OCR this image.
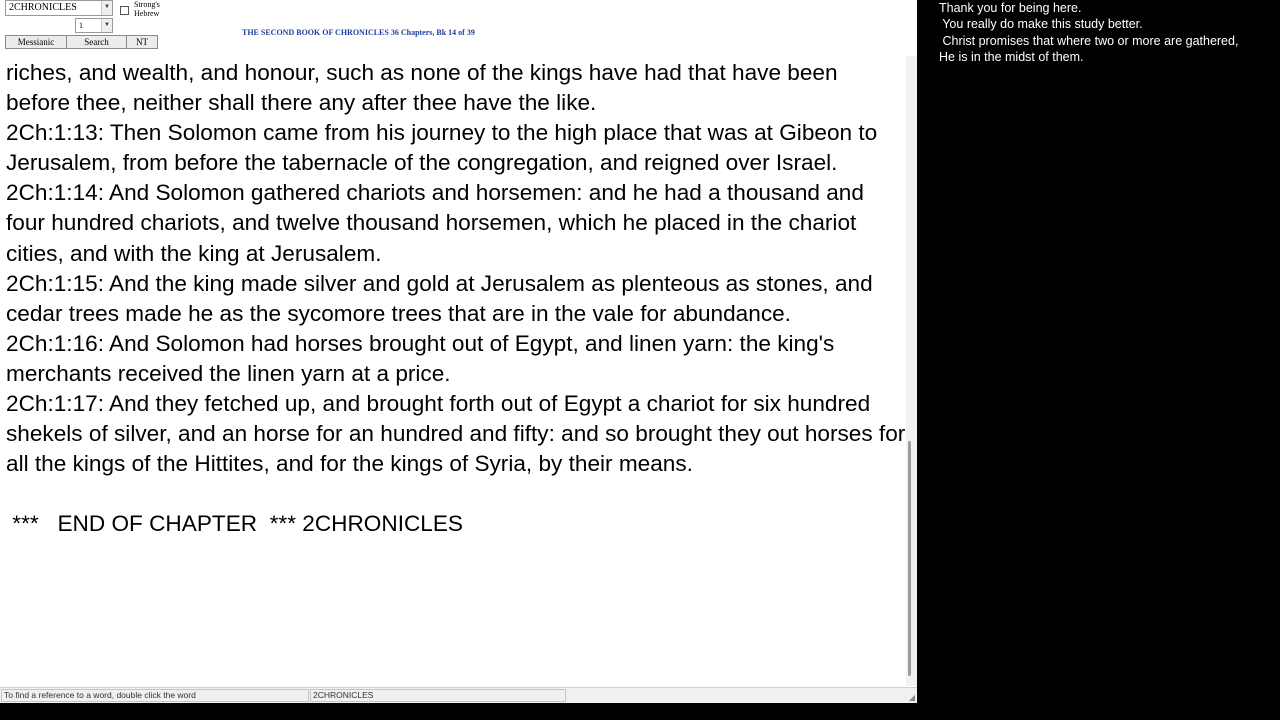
2CHRONICLES	▼
1	▼
Strong's Hebrew
Messianic	Search	NT
THE SECOND BOOK OF CHRONICLES 36 Chapters, Bk 14 of 39
riches, and wealth, and honour, such as none of the kings have had that have been before thee, neither shall there any after thee have the like.
2Ch:1:13: Then Solomon came from his journey to the high place that was at Gibeon to Jerusalem, from before the tabernacle of the congregation, and reigned over Israel.
2Ch:1:14: And Solomon gathered chariots and horsemen: and he had a thousand and four hundred chariots, and twelve thousand horsemen, which he placed in the chariot cities, and with the king at Jerusalem.
2Ch:1:15: And the king made silver and gold at Jerusalem as plenteous as stones, and cedar trees made he as the sycomore trees that are in the vale for abundance.
2Ch:1:16: And Solomon had horses brought out of Egypt, and linen yarn: the king's merchants received the linen yarn at a price.
2Ch:1:17: And they fetched up, and brought forth out of Egypt a chariot for six hundred shekels of silver, and an horse for an hundred and fifty: and so brought they out horses for all the kings of the Hittites, and for the kings of Syria, by their means.
***   END OF CHAPTER  *** 2CHRONICLES
To find a reference to a word, double click the word	2CHRONICLES	◢
Thank you for being here.
You really do make this study better.
Christ promises that where two or more are gathered,
He is in the midst of them.
